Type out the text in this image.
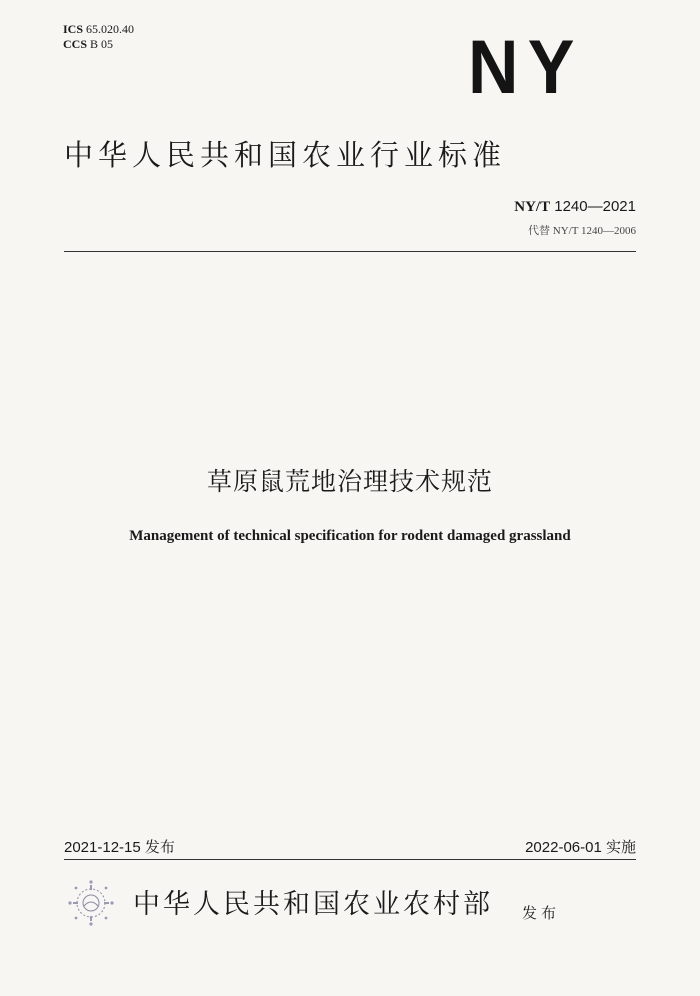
ICS 65.020.40
CCS B 05	NY
中华人民共和国农业行业标准
NY/T 1240—2021
代替 NY/T 1240—2006
草原鼠荒地治理技术规范
Management of technical specification for rodent damaged grassland
2021-12-15 发布	2022-06-01 实施
中华人民共和国农业农村部 发布
